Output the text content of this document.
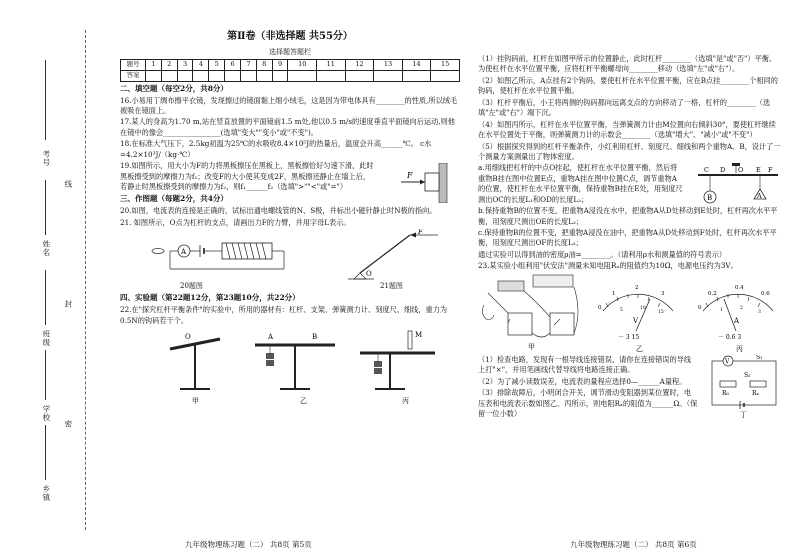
考号
姓名
班级
学校
乡镇
线
封
密
第Ⅱ卷（非选择题 共55分）
选择题答题栏
题号	1	2	3	4	5	6	7	8	9	10	11	12	13	14	15
答案															
二、填空题（每空2分，共8分）

16.小易用丁绸布擦平衣镜，发现擦过的镜面黏上细小绒毛，这是因为带电体具有________的性质,所以绒毛被吸在镜面上。

17.某人的身高为1.70 m,站在竖直放置的平面镜前1.5 m处,他以0.5 m/s的速度垂直平面镜向后运动,则他在镜中的像会________________(选填"变大""变小"或"不变")。

18.在标准大气压下，2.5kg初温为25℃的水吸收8.4×10⁵J的热量后，温度会升高______℃。 c水=4.2×10³J/（kg·℃）

19.如图所示，用大小为F的力将黑板擦压在黑板上，黑板擦恰好匀速下滑，此时黑板擦受到的摩擦力为f₁；改变F的大小使其变成2F，黑板擦还静止在墙上后，若静止时黑板擦受到的摩擦力为f₂，则f₁______f₂（选填">""<"或"="）

F
三、作图题（每题2分，共4分）

20.如图，电流表的连接是正确的，试标出通电螺线管的N、S极，并标出小磁针静止时N极的指向。

21. 如图所示，O点为杠杆的支点，请画出力F的力臂，并用字母L表示。

A
F
O
20题图	21题图
四、实验题（第22题12分，第23题10分，共22分）

22.在"探究杠杆平衡条件"的实验中，所用的器材有：杠杆、支架、弹簧测力计、刻度尺、细线，重力为0.5N的钩码若干个。

O
甲
A	B
乙
M
丙
九年级物理练习题（二） 共8页 第5页

（1）挂钩码前，杠杆在如图甲所示的位置静止，此时杠杆________（选填"是"或"否"）平衡。为使杠杆在水平位置平衡，应将杠杆平衡螺母向________移动（选填"左"或"右"）。

（2）如图乙所示，A点挂有2个钩码，要使杠杆在水平位置平衡，应在B点挂________个相同的钩码，使杠杆在水平位置平衡。

（3）杠杆平衡后，小王将两侧的钩码都向远离支点的方向移动了一格，杠杆的________（选填"左"或"右"）端下沉。

（4）如图丙所示，杠杆在水平位置平衡，当弹簧测力计由M位置向右倾斜30°，要使杠杆继续在水平位置处于平衡，则弹簧测力计的示数会________（选填"增大"、"减小"或"不变"）

（5）根据探究得到的杠杆平衡条件，小红利用杠杆、刻度尺、细线和两个重物A、B，设计了一个测量方案测量出了物体密度。

a.用细线把杠杆的中点O挂起，使杠杆在水平位置平衡，然后将重物B挂在图中位置E点，重物A挂在图中位置C点，调节重物A的位置，使杠杆在水平位置平衡，保持重物B挂在E处，用刻度尺测出OC的长度L₁和OD的长度L₂；

C D O E F
B	A

b.保持重物B的位置不变，把重物A浸没在水中，把重物A从D处移动到E处时，杠杆再次水平平衡，用刻度尺测出OE的长度L₂；

c.保持重物B的位置不变，把重物A浸没在油中，把重物A从D处移动到F处时，杠杆再次水平平衡，用刻度尺测出OF的长度L₃；

通过实验可以得到油的密度ρ油=________。（请利用ρ水和测量值的符号表示）

23.某实验小组利用"伏安法"测量未知电阻Rₓ的阻值约为10Ω，电源电压约为3V。

甲
0
1
2
3
5	10
15
V
－ 3 15
乙
0
0.2
0.4
0.6
1	2
3
A
－ 0.6 3
丙

（1）检查电路，发现有一根导线连接错误，请你在连接错误的导线上打"×"，并用笔画线代替导线将电路连接正确。

（2）为了减小读数误差，电流表的量程应选择0—______A量程。

（3）排除故障后，小明闭合开关，调节滑动变阻器到某位置时，电压表和电流表示数如图乙、丙所示，则电阻Rₓ的阻值为______Ω。（保留一位小数）

V
S₁
S₂
R₀	Rₓ
丁
九年级物理练习题（二） 共8页 第6页
